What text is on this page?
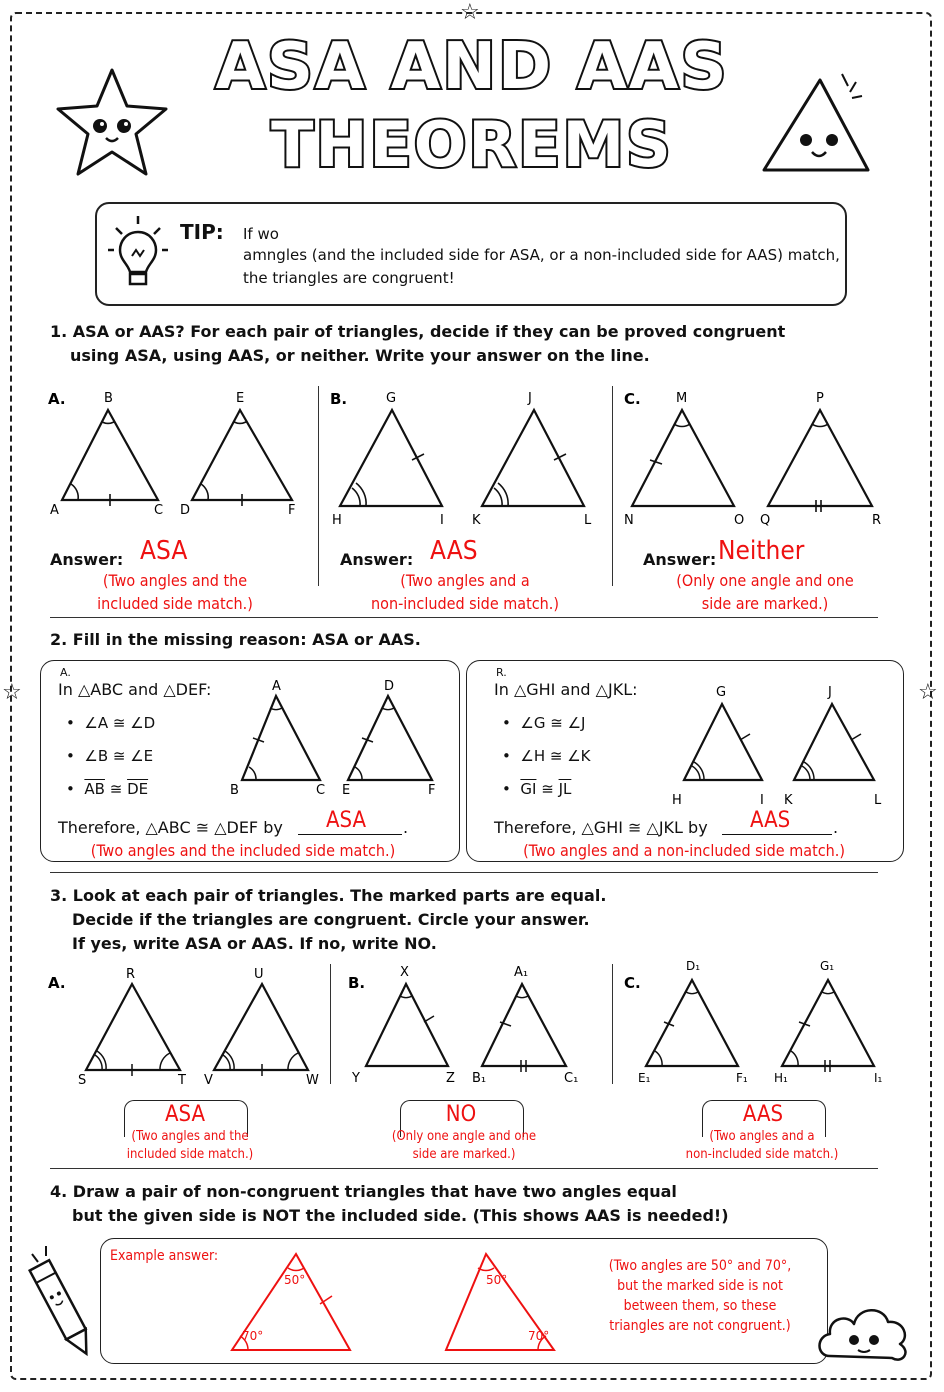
ASA AND AAS
THEOREMS
TIP: If wo
amngles (and the included side for ASA, or a non-included side for AAS) match,
the triangles are congruent!
1. ASA or AAS? For each pair of triangles, decide if they can be proved congruent
using ASA, using AAS, or neither. Write your answer on the line.
A.	B	E
A	C D	F
B.	G	J
H	I K	L
C.	M	P
N	O Q	R
Answer: ASA
(Two angles and the
included side match.)
Answer: AAS
(Two angles and a
non-included side match.)
Answer: Neither
(Only one angle and one
side are marked.)
2. Fill in the missing reason: ASA or AAS.
A.
In △ABC and △DEF:
•  ∠A ≅ ∠D
•  ∠B ≅ ∠E
•  $\overline{AB}$ ≅ $\overline{DE}$
A	D
B	C E	F
Therefore, △ABC ≅ △DEF by ASA .
(Two angles and the included side match.)
R.
In △GHI and △JKL:
•  ∠G ≅ ∠J
•  ∠H ≅ ∠K
•  $\overline{GI}$ ≅ $\overline{JL}$
G	J
H	I K	L
Therefore, △GHI ≅ △JKL by AAS	.
(Two angles and a non-included side match.)
3. Look at each pair of triangles. The marked parts are equal.
Decide if the triangles are congruent. Circle your answer.
If yes, write ASA or AAS. If no, write NO.
A.	R	U
S	T V	W
B.
X	A₁
Y	Z B₁	C₁
C.
D₁	G₁
E₁	F₁ H₁	I₁
ASA
(Two angles and the
included side match.)
NO
(Only one angle and one
side are marked.)
AAS
(Two angles and a
non-included side match.)
4. Draw a pair of non-congruent triangles that have two angles equal
but the given side is NOT the included side. (This shows AAS is needed!)
Example answer:
50°
70°
50°
70°
(Two angles are 50° and 70°,
but the marked side is not
between them, so these
triangles are not congruent.)
☆	☆
☆
